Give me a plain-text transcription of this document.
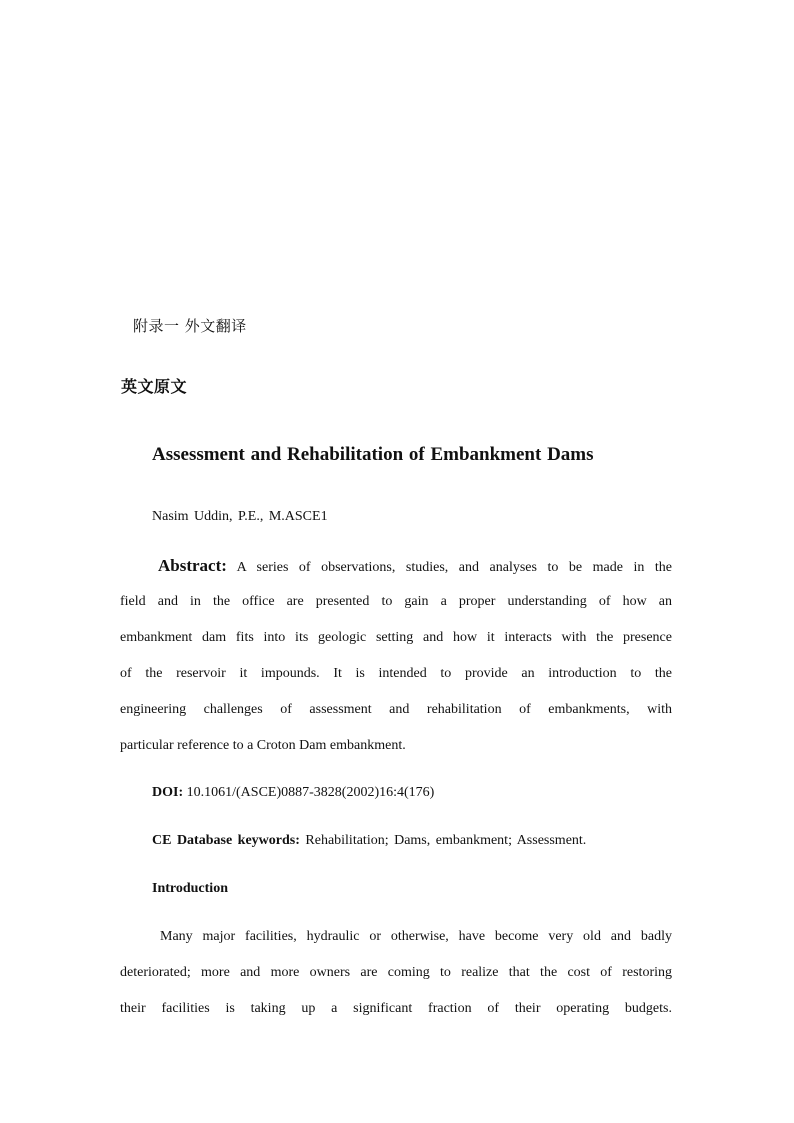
附录一 外文翻译
英文原文
Assessment and Rehabilitation of Embankment Dams
Nasim Uddin, P.E., M.ASCE1
Abstract: A series of observations, studies, and analyses to be made in the
field and in the office are presented to gain a proper understanding of how an
embankment dam fits into its geologic setting and how it interacts with the presence
of the reservoir it impounds. It is intended to provide an introduction to the
engineering challenges of assessment and rehabilitation of embankments, with
particular reference to a Croton Dam embankment.
DOI: 10.1061/(ASCE)0887-3828(2002)16:4(176)
CE Database keywords: Rehabilitation; Dams, embankment; Assessment.
Introduction
Many major facilities, hydraulic or otherwise, have become very old and badly
deteriorated; more and more owners are coming to realize that the cost of restoring
their facilities is taking up a significant fraction of their operating budgets.
